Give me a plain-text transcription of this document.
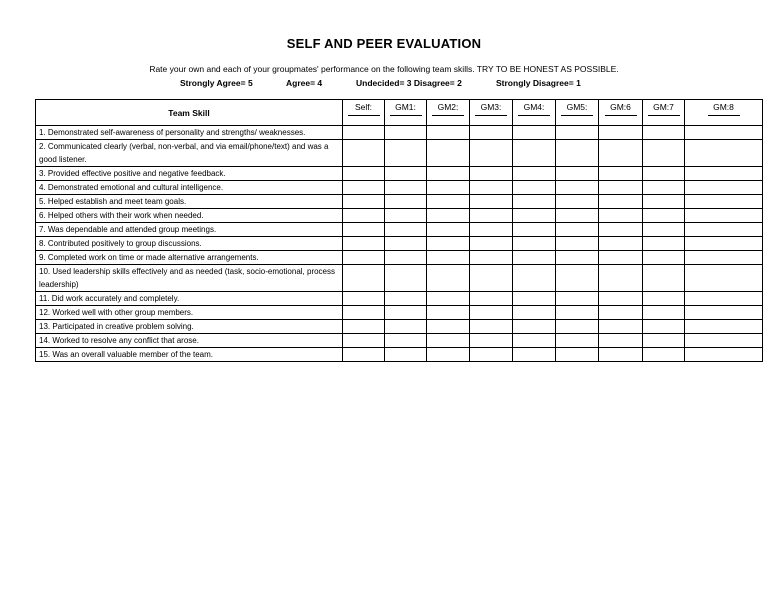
SELF AND PEER EVALUATION
Rate your own and each of your groupmates' performance on the following team skills. TRY TO BE HONEST AS POSSIBLE.
Strongly Agree= 5	Agree= 4	Undecided= 3 Disagree= 2	Strongly Disagree= 1
Team Skill	Self:	GM1:	GM2:	GM3:	GM4:	GM5:	GM:6	GM:7	GM:8

1. Demonstrated self-awareness of personality and strengths/ weaknesses.									
2. Communicated clearly (verbal, non-verbal, and via email/phone/text) and was a good listener.									
3. Provided effective positive and negative feedback.									
4. Demonstrated emotional and cultural intelligence.									
5. Helped establish and meet team goals.									
6. Helped others with their work when needed.									
7. Was dependable and attended group meetings.									
8. Contributed positively to group discussions.									
9. Completed work on time or made alternative arrangements.									
10. Used leadership skills effectively and as needed (task, socio-emotional, process leadership)									
11. Did work accurately and completely.									
12. Worked well with other group members.									
13. Participated in creative problem solving.									
14. Worked to resolve any conflict that arose.									
15. Was an overall valuable member of the team.									
